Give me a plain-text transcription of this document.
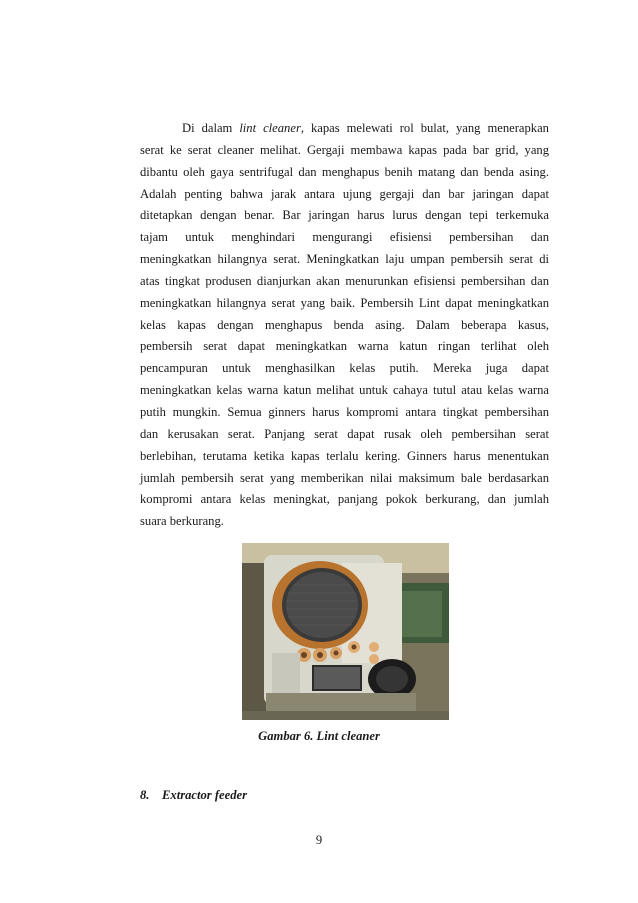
Di dalam lint cleaner, kapas melewati rol bulat, yang menerapkan
serat ke serat cleaner melihat. Gergaji membawa kapas pada bar grid, yang
dibantu oleh gaya sentrifugal dan menghapus benih matang dan benda asing.
Adalah penting bahwa jarak antara ujung gergaji dan bar jaringan dapat
ditetapkan dengan benar. Bar jaringan harus lurus dengan tepi terkemuka
tajam untuk menghindari mengurangi efisiensi pembersihan dan
meningkatkan hilangnya serat. Meningkatkan laju umpan pembersih serat di
atas tingkat produsen dianjurkan akan menurunkan efisiensi pembersihan dan
meningkatkan hilangnya serat yang baik. Pembersih Lint dapat meningkatkan
kelas kapas dengan menghapus benda asing. Dalam beberapa kasus,
pembersih serat dapat meningkatkan warna katun ringan terlihat oleh
pencampuran untuk menghasilkan kelas putih. Mereka juga dapat
meningkatkan kelas warna katun melihat untuk cahaya tutul atau kelas warna
putih mungkin. Semua ginners harus kompromi antara tingkat pembersihan
dan kerusakan serat. Panjang serat dapat rusak oleh pembersihan serat
berlebihan, terutama ketika kapas terlalu kering. Ginners harus menentukan
jumlah pembersih serat yang memberikan nilai maksimum bale berdasarkan
kompromi antara kelas meningkat, panjang pokok berkurang, dan jumlah
suara berkurang.
Gambar 6. Lint cleaner
8. Extractor feeder
9
